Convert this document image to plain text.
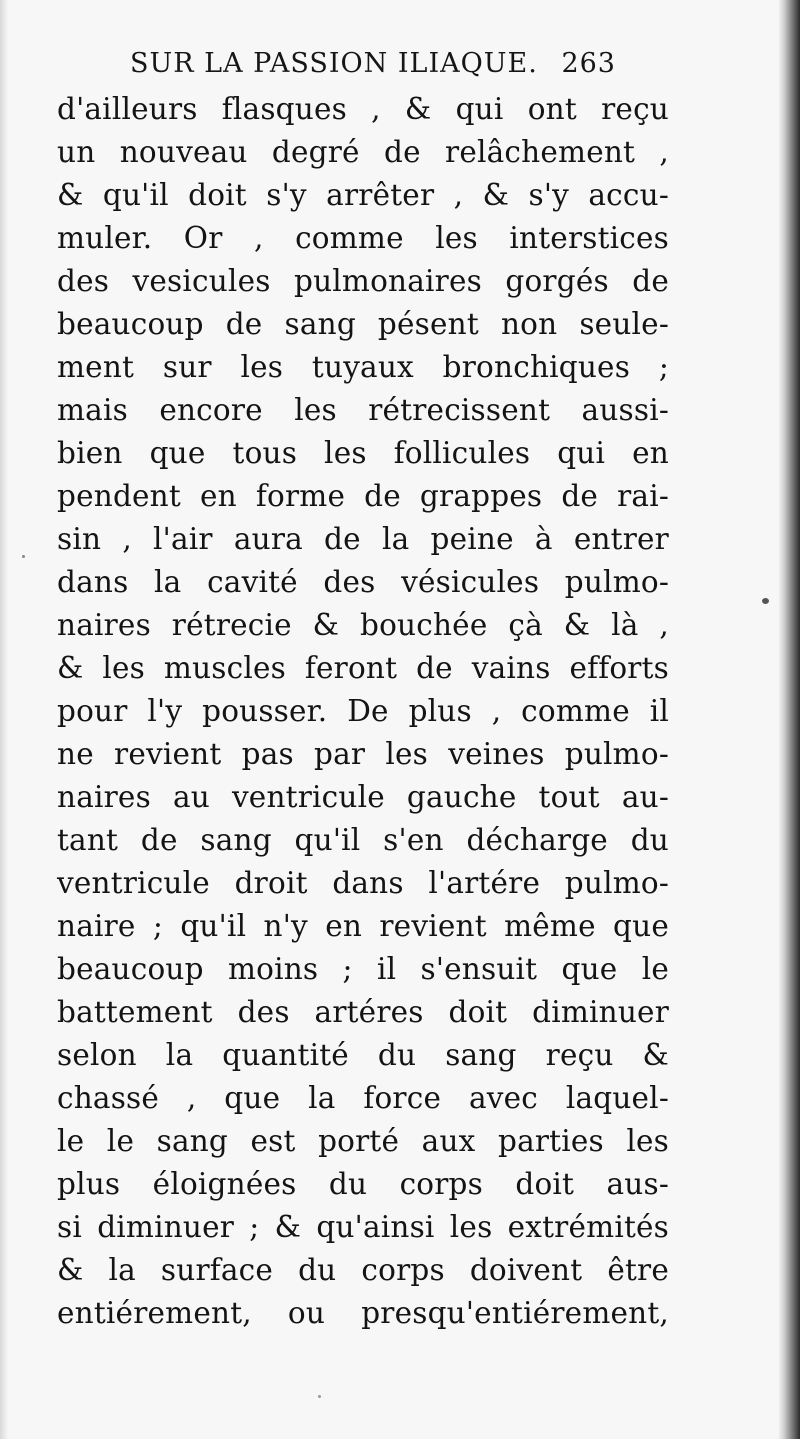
SUR LA PASSION ILIAQUE. 263
d'ailleurs flasques , & qui ont reçu
un nouveau degré de relâchement ,
& qu'il doit s'y arrêter , & s'y accu-
muler. Or , comme les interstices
des vesicules pulmonaires gorgés de
beaucoup de sang pésent non seule-
ment sur les tuyaux bronchiques ;
mais encore les rétrecissent aussi-
bien que tous les follicules qui en
pendent en forme de grappes de rai-
sin , l'air aura de la peine à entrer
dans la cavité des vésicules pulmo-
naires rétrecie & bouchée çà & là ,
& les muscles feront de vains efforts
pour l'y pousser. De plus , comme il
ne revient pas par les veines pulmo-
naires au ventricule gauche tout au-
tant de sang qu'il s'en décharge du
ventricule droit dans l'artére pulmo-
naire ; qu'il n'y en revient même que
beaucoup moins ; il s'ensuit que le
battement des artéres doit diminuer
selon la quantité du sang reçu &
chassé , que la force avec laquel-
le le sang est porté aux parties les
plus éloignées du corps doit aus-
si diminuer ; & qu'ainsi les extrémités
& la surface du corps doivent être
entiérement, ou presqu'entiérement,
